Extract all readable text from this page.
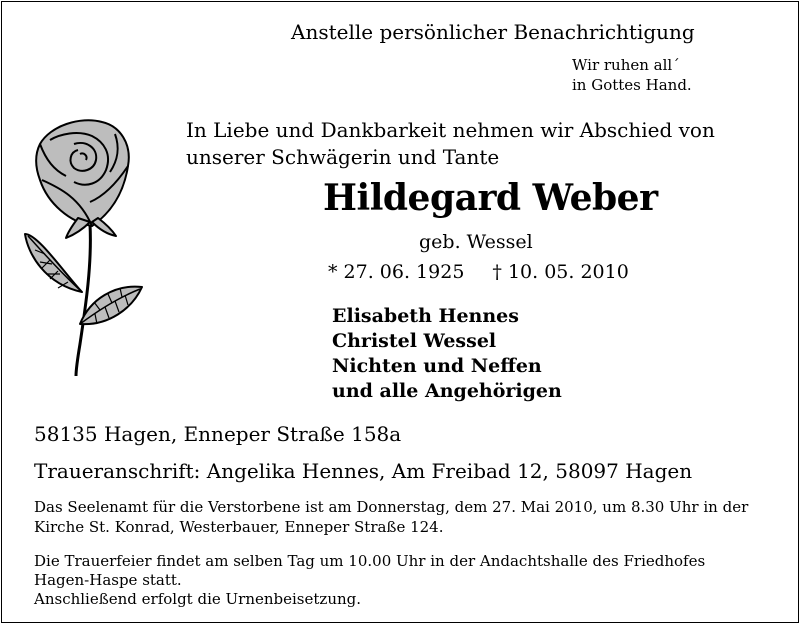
Anstelle persönlicher Benachrichtigung
Wir ruhen all´
in Gottes Hand.
In Liebe und Dankbarkeit nehmen wir Abschied von
unserer Schwägerin und Tante
Hildegard Weber
geb. Wessel
* 27. 06. 1925 † 10. 05. 2010
Elisabeth Hennes
Christel Wessel
Nichten und Neffen
und alle Angehörigen
58135 Hagen, Enneper Straße 158a
Traueranschrift: Angelika Hennes, Am Freibad 12, 58097 Hagen
Das Seelenamt für die Verstorbene ist am Donnerstag, dem 27. Mai 2010, um 8.30 Uhr in der
Kirche St. Konrad, Westerbauer, Enneper Straße 124.
Die Trauerfeier findet am selben Tag um 10.00 Uhr in der Andachtshalle des Friedhofes
Hagen-Haspe statt.
Anschließend erfolgt die Urnenbeisetzung.
